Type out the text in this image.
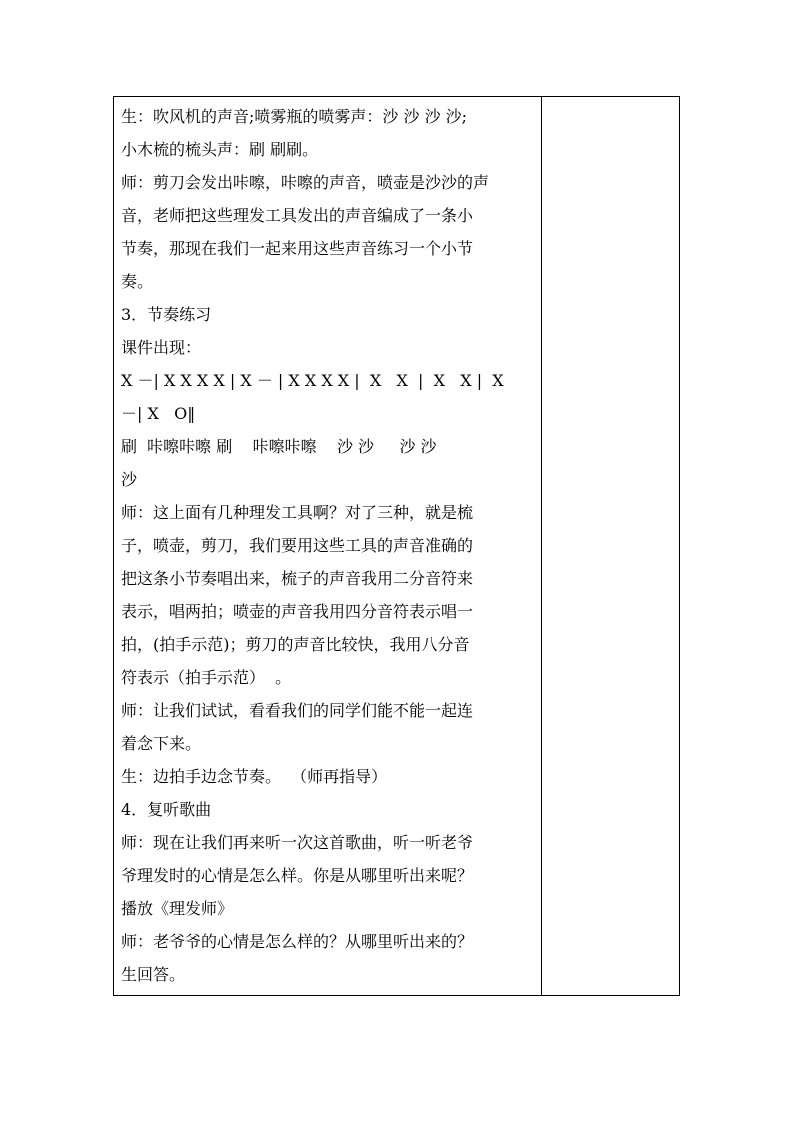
生：吹风机的声音;喷雾瓶的喷雾声：沙 沙 沙 沙;
小木梳的梳头声：刷 刷刷。
师：剪刀会发出咔嚓，咔嚓的声音，喷壶是沙沙的声
音，老师把这些理发工具发出的声音编成了一条小
节奏，那现在我们一起来用这些声音练习一个小节
奏。
3．节奏练习
课件出现：
X －| X X X X | X － | X X X X |  X   X  |  X   X |  X
－| X   O‖
刷  咔嚓咔嚓 刷    咔嚓咔嚓    沙 沙     沙 沙
沙
师：这上面有几种理发工具啊？对了三种，就是梳
子，喷壶，剪刀，我们要用这些工具的声音准确的
把这条小节奏唱出来，梳子的声音我用二分音符来
表示，唱两拍；喷壶的声音我用四分音符表示唱一
拍，(拍手示范)；剪刀的声音比较快，我用八分音
符表示（拍手示范）  。
师：让我们试试，看看我们的同学们能不能一起连
着念下来。
生：边拍手边念节奏。  （师再指导）
4．复听歌曲
师：现在让我们再来听一次这首歌曲，听一听老爷
爷理发时的心情是怎么样。你是从哪里听出来呢？
播放《理发师》
师：老爷爷的心情是怎么样的？从哪里听出来的？
生回答。
